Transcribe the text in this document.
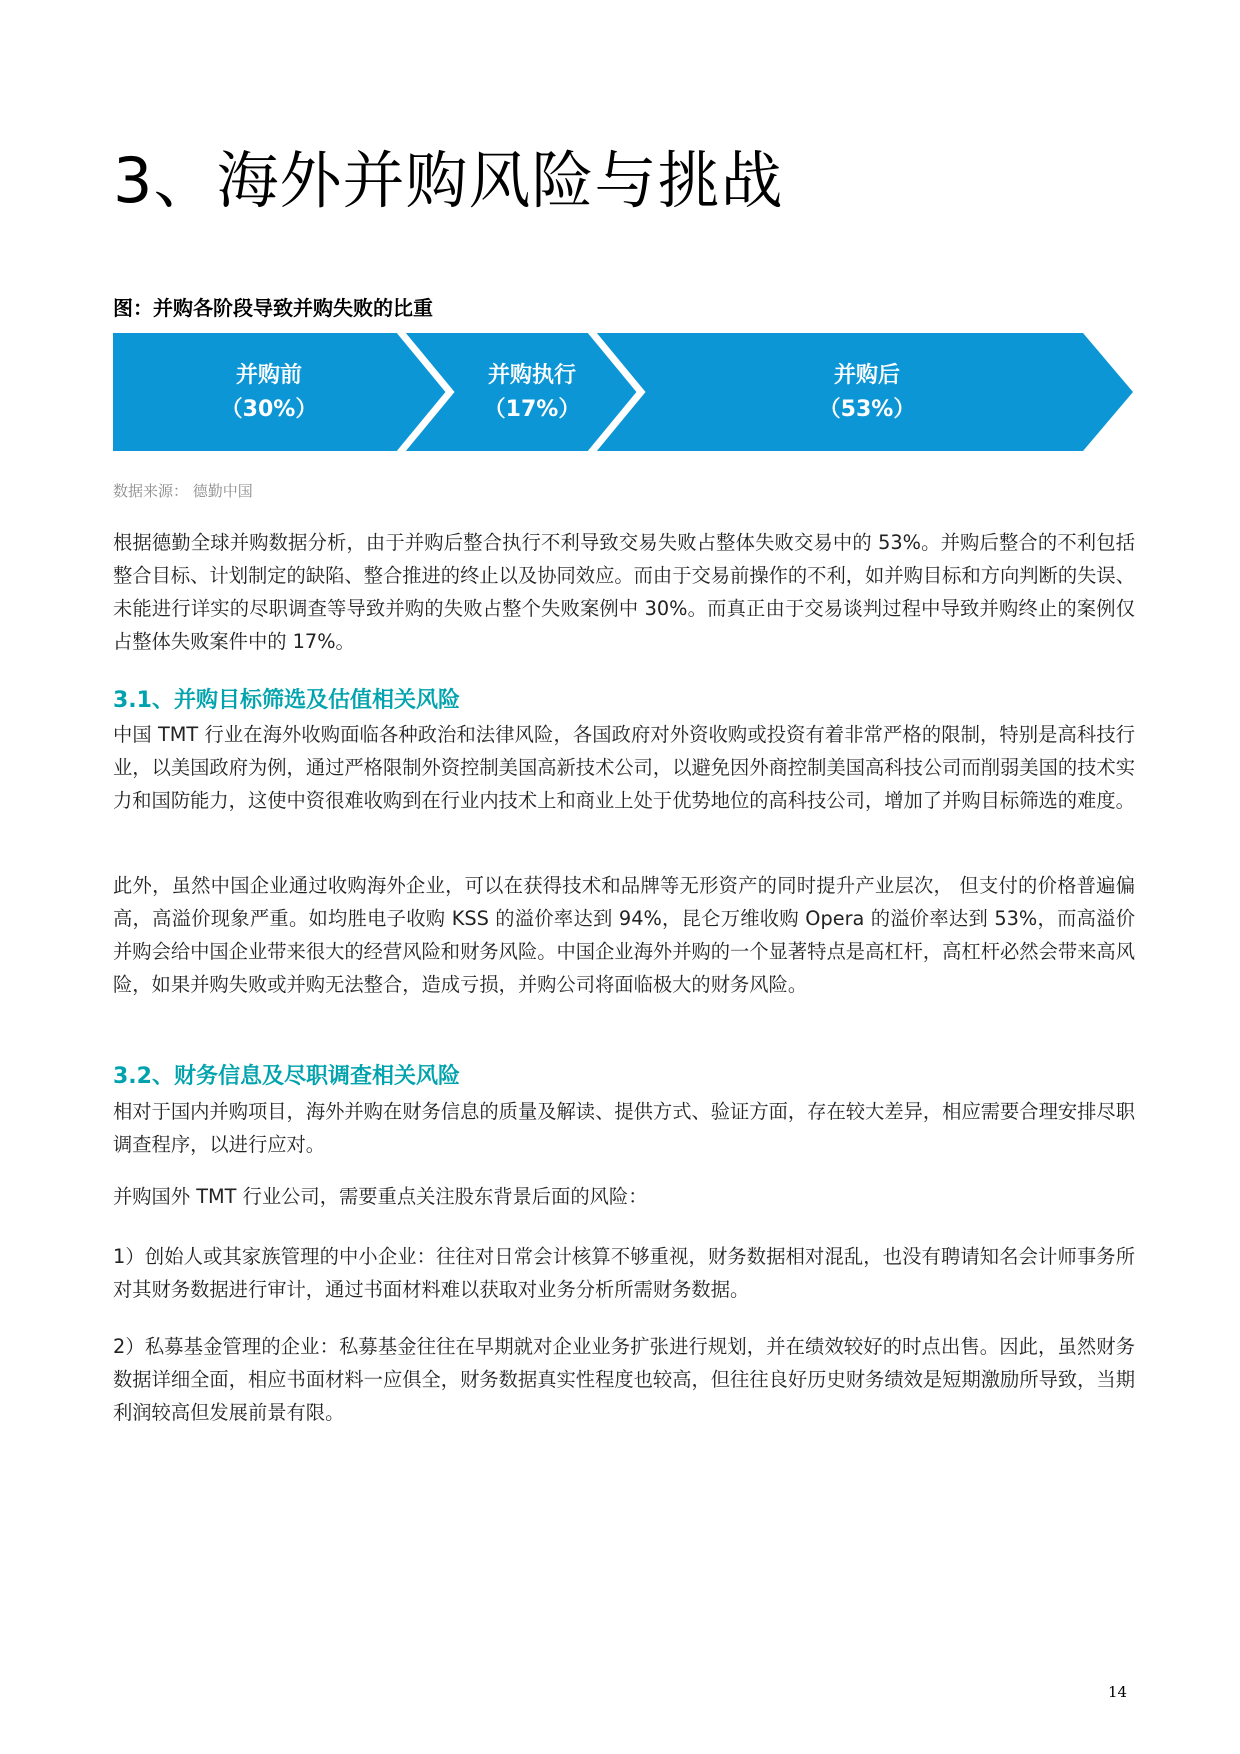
3、海外并购风险与挑战
图：并购各阶段导致并购失败的比重
并购前
（30%）
并购执行
（17%）
并购后
（53%）
数据来源： 德勤中国

根据德勤全球并购数据分析，由于并购后整合执行不利导致交易失败占整体失败交易中的 53%。并购后整合的不利包括整合目标、计划制定的缺陷、整合推进的终止以及协同效应。而由于交易前操作的不利，如并购目标和方向判断的失误、未能进行详实的尽职调查等导致并购的失败占整个失败案例中 30%。而真正由于交易谈判过程中导致并购终止的案例仅占整体失败案件中的 17%。

3.1、并购目标筛选及估值相关风险

中国 TMT 行业在海外收购面临各种政治和法律风险，各国政府对外资收购或投资有着非常严格的限制，特别是高科技行业，以美国政府为例，通过严格限制外资控制美国高新技术公司，以避免因外商控制美国高科技公司而削弱美国的技术实力和国防能力，这使中资很难收购到在行业内技术上和商业上处于优势地位的高科技公司，增加了并购目标筛选的难度。

此外，虽然中国企业通过收购海外企业，可以在获得技术和品牌等无形资产的同时提升产业层次， 但支付的价格普遍偏高，高溢价现象严重。如均胜电子收购 KSS 的溢价率达到 94%，昆仑万维收购 Opera 的溢价率达到 53%，而高溢价并购会给中国企业带来很大的经营风险和财务风险。中国企业海外并购的一个显著特点是高杠杆，高杠杆必然会带来高风险，如果并购失败或并购无法整合，造成亏损，并购公司将面临极大的财务风险。

3.2、财务信息及尽职调查相关风险

相对于国内并购项目，海外并购在财务信息的质量及解读、提供方式、验证方面，存在较大差异，相应需要合理安排尽职调查程序，以进行应对。

并购国外 TMT 行业公司，需要重点关注股东背景后面的风险：

1）创始人或其家族管理的中小企业：往往对日常会计核算不够重视，财务数据相对混乱，也没有聘请知名会计师事务所对其财务数据进行审计，通过书面材料难以获取对业务分析所需财务数据。

2）私募基金管理的企业：私募基金往往在早期就对企业业务扩张进行规划，并在绩效较好的时点出售。因此，虽然财务数据详细全面，相应书面材料一应俱全，财务数据真实性程度也较高，但往往良好历史财务绩效是短期激励所导致，当期利润较高但发展前景有限。

14
